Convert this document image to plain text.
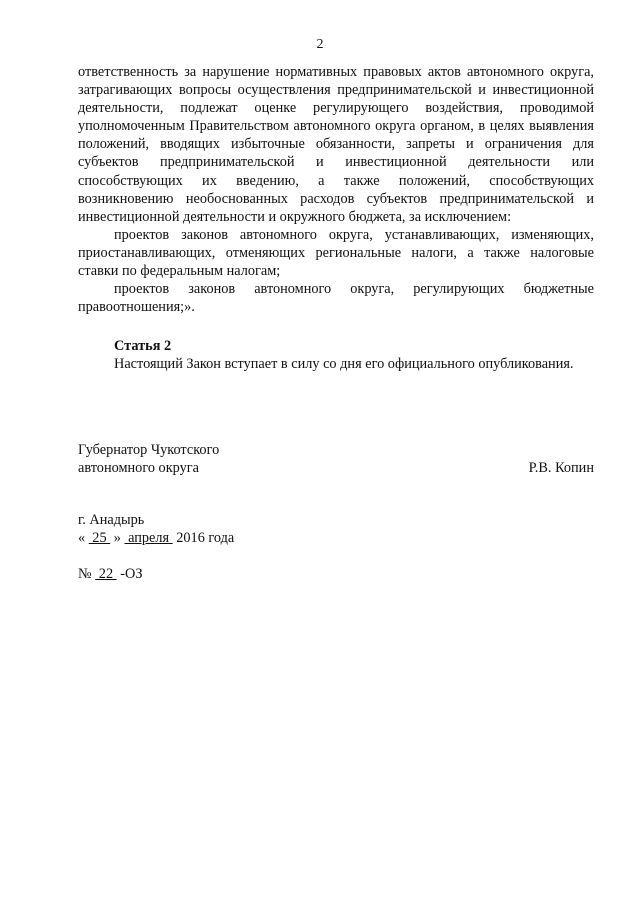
2

ответственность за нарушение нормативных правовых актов автономного округа, затрагивающих вопросы осуществления предпринимательской и инвестиционной деятельности, подлежат оценке регулирующего воздействия, проводимой уполномоченным Правительством автономного округа органом, в целях выявления положений, вводящих избыточные обязанности, запреты и ограничения для субъектов предпринимательской и инвестиционной деятельности или способствующих их введению, а также положений, способствующих возникновению необоснованных расходов субъектов предпринимательской и инвестиционной деятельности и окружного бюджета, за исключением:

проектов законов автономного округа, устанавливающих, изменяющих, приостанавливающих, отменяющих региональные налоги, а также налоговые ставки по федеральным налогам;

проектов законов автономного округа, регулирующих бюджетные правоотношения;».

Статья 2

Настоящий Закон вступает в силу со дня его официального опубликования.

Губернатор Чукотского
автономного округа	Р.В. Копин
г. Анадырь
«  25  »  апреля  2016 года
№  22  -ОЗ
